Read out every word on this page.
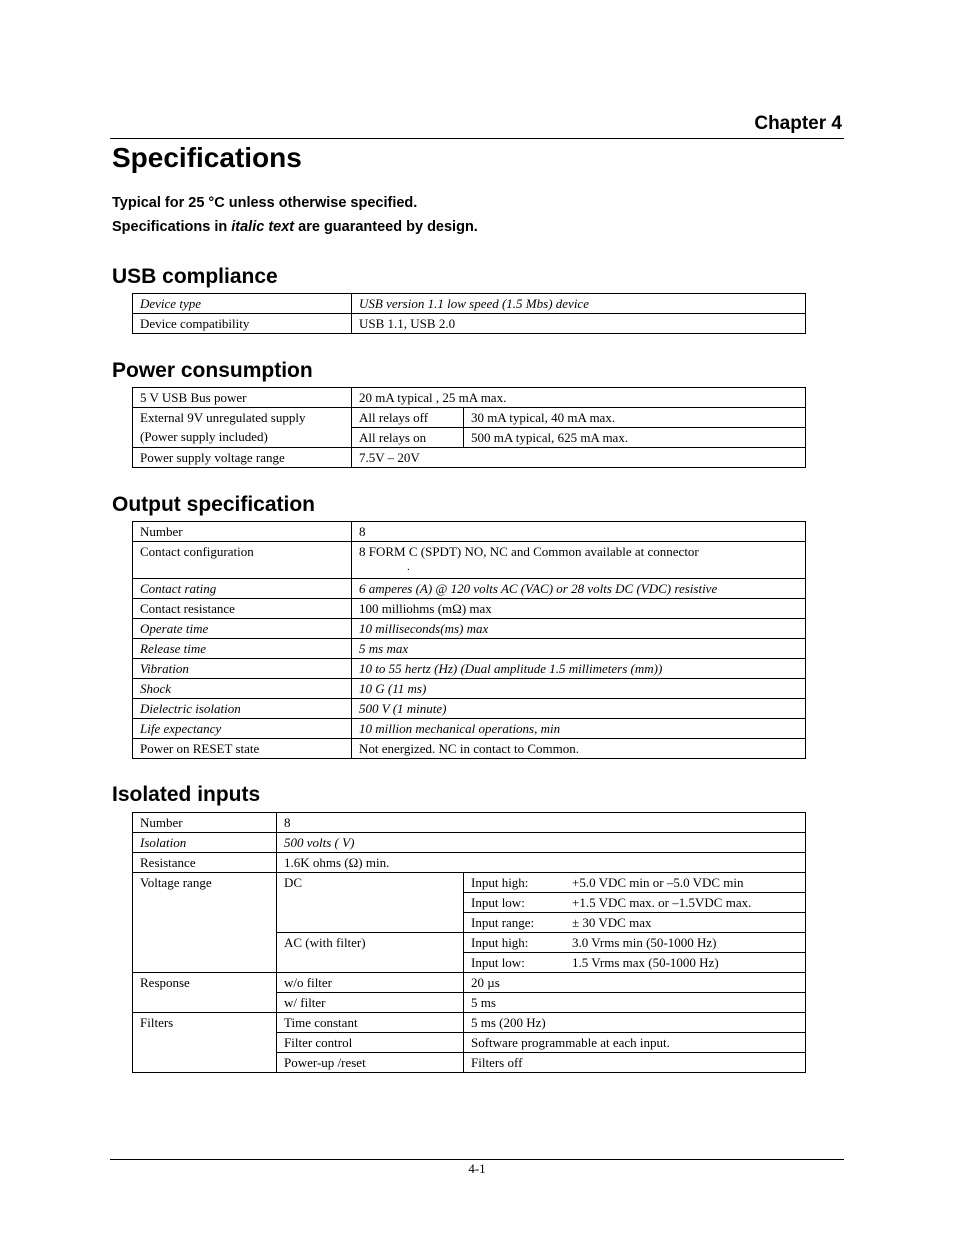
Chapter 4
Specifications
Typical for 25 °C unless otherwise specified.
Specifications in italic text are guaranteed by design.
USB compliance
Device type	USB version 1.1 low speed (1.5 Mbs) device
Device compatibility	USB 1.1, USB 2.0
Power consumption
5 V USB Bus power	20 mA typical , 25 mA max.	

External 9V unregulated supply
(Power supply included)	All relays off	30 mA typical, 40 mA max.
	All relays on	500 mA typical, 625 mA max.
Power supply voltage range	7.5V – 20V	
Output specification
Number	8
Contact configuration	8 FORM C (SPDT) NO, NC and Common available at connector
.

Contact rating	6 amperes (A) @ 120 volts AC (VAC) or 28 volts DC (VDC) resistive
Contact resistance	100 milliohms (mΩ) max
Operate time	10 milliseconds(ms) max
Release time	5 ms max
Vibration	10 to 55 hertz (Hz) (Dual amplitude 1.5 millimeters (mm))
Shock	10 G (11 ms)
Dielectric isolation	500 V (1 minute)
Life expectancy	10 million mechanical operations, min
Power on RESET state	Not energized. NC in contact to Common.
Isolated inputs
Number	8	
Isolation	500 volts ( V)	
Resistance	1.6K ohms (Ω) min.	
Voltage range	DC	Input high: +5.0 VDC min or –5.0 VDC min
		Input low: +1.5 VDC max. or –1.5VDC max.
		Input range: ± 30 VDC max
	AC (with filter)	Input high: 3.0 Vrms min (50-1000 Hz)
		Input low: 1.5 Vrms max (50-1000 Hz)
Response	w/o filter	20 µs
	w/ filter	5 ms
Filters	Time constant	5 ms (200 Hz)
	Filter control	Software programmable at each input.
	Power-up /reset	Filters off
4-1
